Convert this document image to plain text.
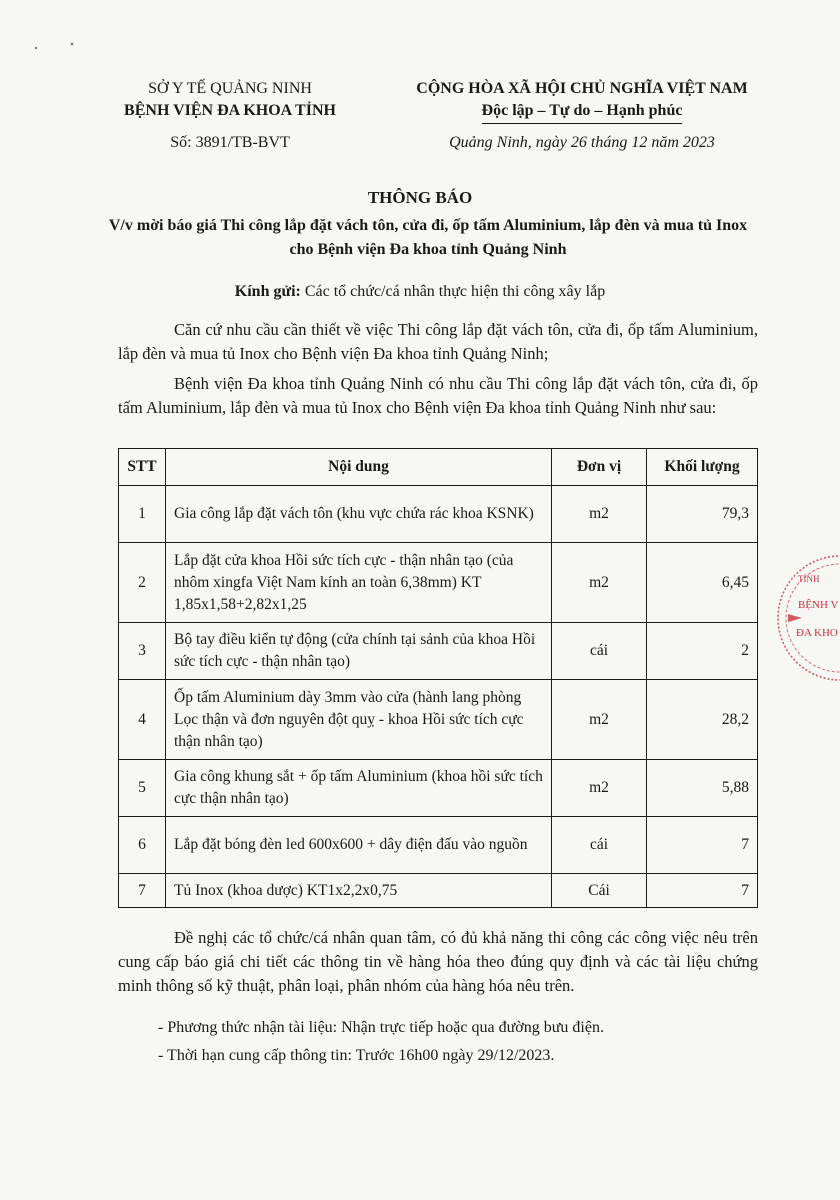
SỞ Y TẾ QUẢNG NINH
BỆNH VIỆN ĐA KHOA TỈNH
Số: 3891/TB-BVT
CỘNG HÒA XÃ HỘI CHỦ NGHĨA VIỆT NAM
Độc lập – Tự do – Hạnh phúc
Quảng Ninh, ngày 26 tháng 12 năm 2023
THÔNG BÁO
V/v mời báo giá Thi công lắp đặt vách tôn, cửa đi, ốp tấm Aluminium, lắp đèn và mua tủ Inox cho Bệnh viện Đa khoa tỉnh Quảng Ninh
Kính gửi: Các tổ chức/cá nhân thực hiện thi công xây lắp
Căn cứ nhu cầu cần thiết về việc Thi công lắp đặt vách tôn, cửa đi, ốp tấm Aluminium, lắp đèn và mua tủ Inox cho Bệnh viện Đa khoa tỉnh Quảng Ninh;
Bệnh viện Đa khoa tỉnh Quảng Ninh có nhu cầu Thi công lắp đặt vách tôn, cửa đi, ốp tấm Aluminium, lắp đèn và mua tủ Inox cho Bệnh viện Đa khoa tỉnh Quảng Ninh như sau:
STT	Nội dung	Đơn vị	Khối lượng
1	Gia công lắp đặt vách tôn (khu vực chứa rác khoa KSNK)	m2	79,3
2	Lắp đặt cửa khoa Hồi sức tích cực - thận nhân tạo (của nhôm xingfa Việt Nam kính an toàn 6,38mm) KT 1,85x1,58+2,82x1,25	m2	6,45
3	Bộ tay điều kiển tự động (cửa chính tại sảnh của khoa Hồi sức tích cực - thận nhân tạo)	cái	2
4	Ốp tấm Aluminium dày 3mm vào cửa (hành lang phòng Lọc thận và đơn nguyên đột quỵ - khoa Hồi sức tích cực thận nhân tạo)	m2	28,2
5	Gia công khung sắt + ốp tấm Aluminium (khoa hồi sức tích cực thận nhân tạo)	m2	5,88
6	Lắp đặt bóng đèn led 600x600 + dây điện đấu vào nguồn	cái	7
7	Tủ Inox (khoa dược) KT1x2,2x0,75	Cái	7
Đề nghị các tổ chức/cá nhân quan tâm, có đủ khả năng thi công các công việc nêu trên cung cấp báo giá chi tiết các thông tin về hàng hóa theo đúng quy định và các tài liệu chứng minh thông số kỹ thuật, phân loại, phân nhóm của hàng hóa nêu trên.
- Phương thức nhận tài liệu: Nhận trực tiếp hoặc qua đường bưu điện.
- Thời hạn cung cấp thông tin: Trước 16h00 ngày 29/12/2023.
TỈNH
BỆNH V
ĐA KHO
